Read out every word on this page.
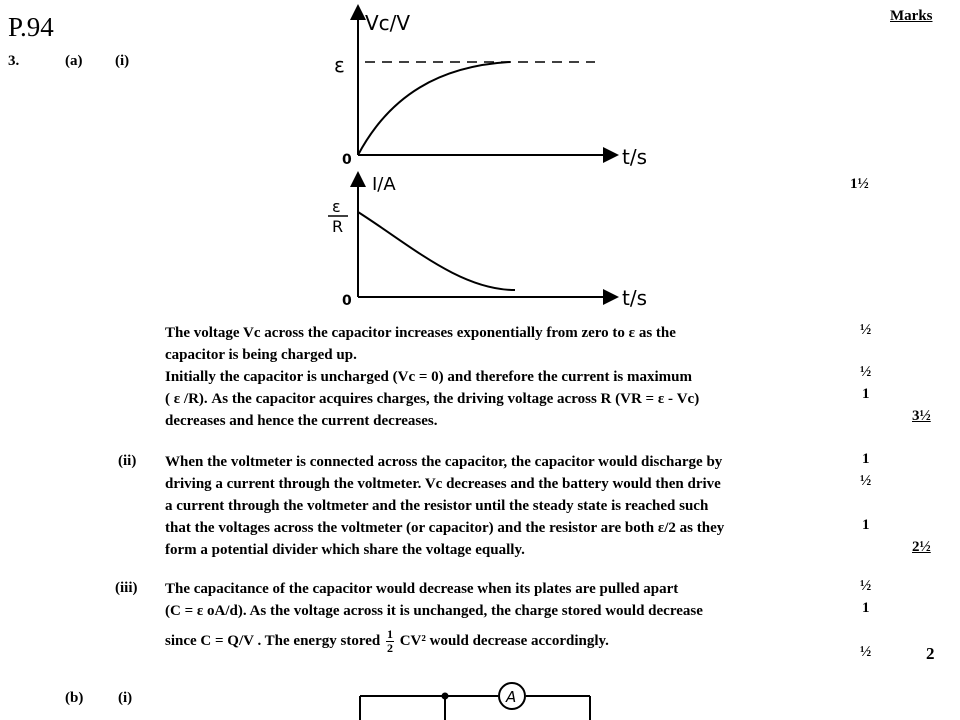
P.94	Marks
3.	(a) (i)
Vc/V
ε
0	t/s
I/A
ε
R
0	t/s
1½
The voltage Vc across the capacitor increases exponentially from zero to ε as the
capacitor is being charged up.
Initially the capacitor is uncharged (Vc = 0) and therefore the current is maximum
( ε /R). As the capacitor acquires charges, the driving voltage across R (VR = ε - Vc)
decreases and hence the current decreases.
½
½
1
3½
(ii) When the voltmeter is connected across the capacitor, the capacitor would discharge by
driving a current through the voltmeter. Vc decreases and the battery would then drive
a current through the voltmeter and the resistor until the steady state is reached such
that the voltages across the voltmeter (or capacitor) and the resistor are both ε/2 as they
form a potential divider which share the voltage equally.
1
½
1
2½
(iii) The capacitance of the capacitor would decrease when its plates are pulled apart
(C = ε oA/d). As the voltage across it is unchanged, the charge stored would decrease
since C = Q/V . The energy stored $\frac{1}{2} CV^2$ would decrease accordingly.
½
1
½	2
(b) (i)	A
